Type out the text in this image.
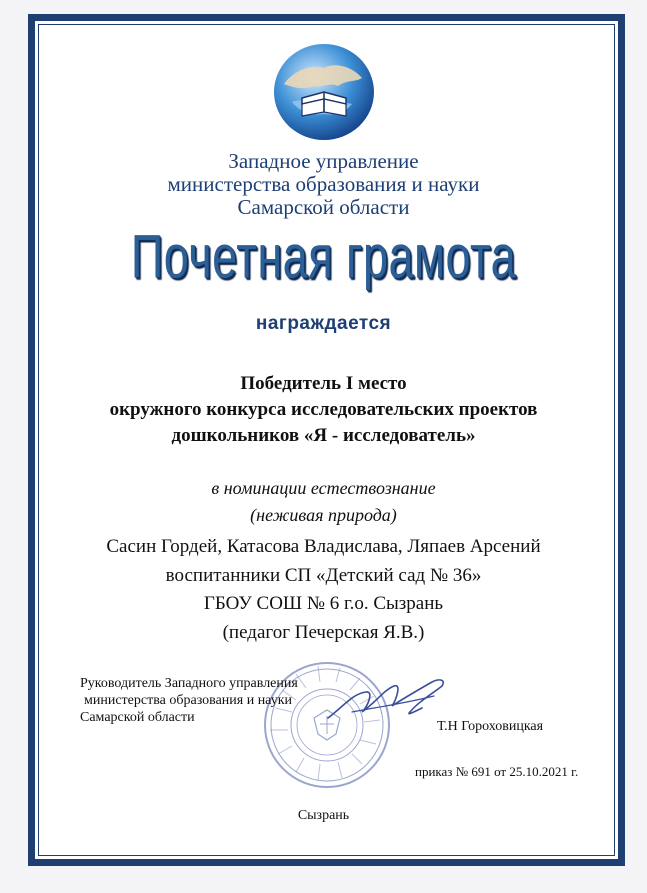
Западное управление
министерства образования и науки
Самарской области
Почетная грамота
награждается
Победитель I место
окружного конкурса исследовательских проектов
дошкольников «Я - исследователь»
в номинации естествознание
(неживая природа)
Сасин Гордей, Катасова Владислава, Ляпаев Арсений
воспитанники СП «Детский сад № 36»
ГБОУ СОШ № 6 г.о. Сызрань
(педагог Печерская Я.В.)
Руководитель Западного управления
министерства образования и науки
Самарской области
Т.Н Гороховицкая
приказ № 691 от 25.10.2021 г.
Сызрань
